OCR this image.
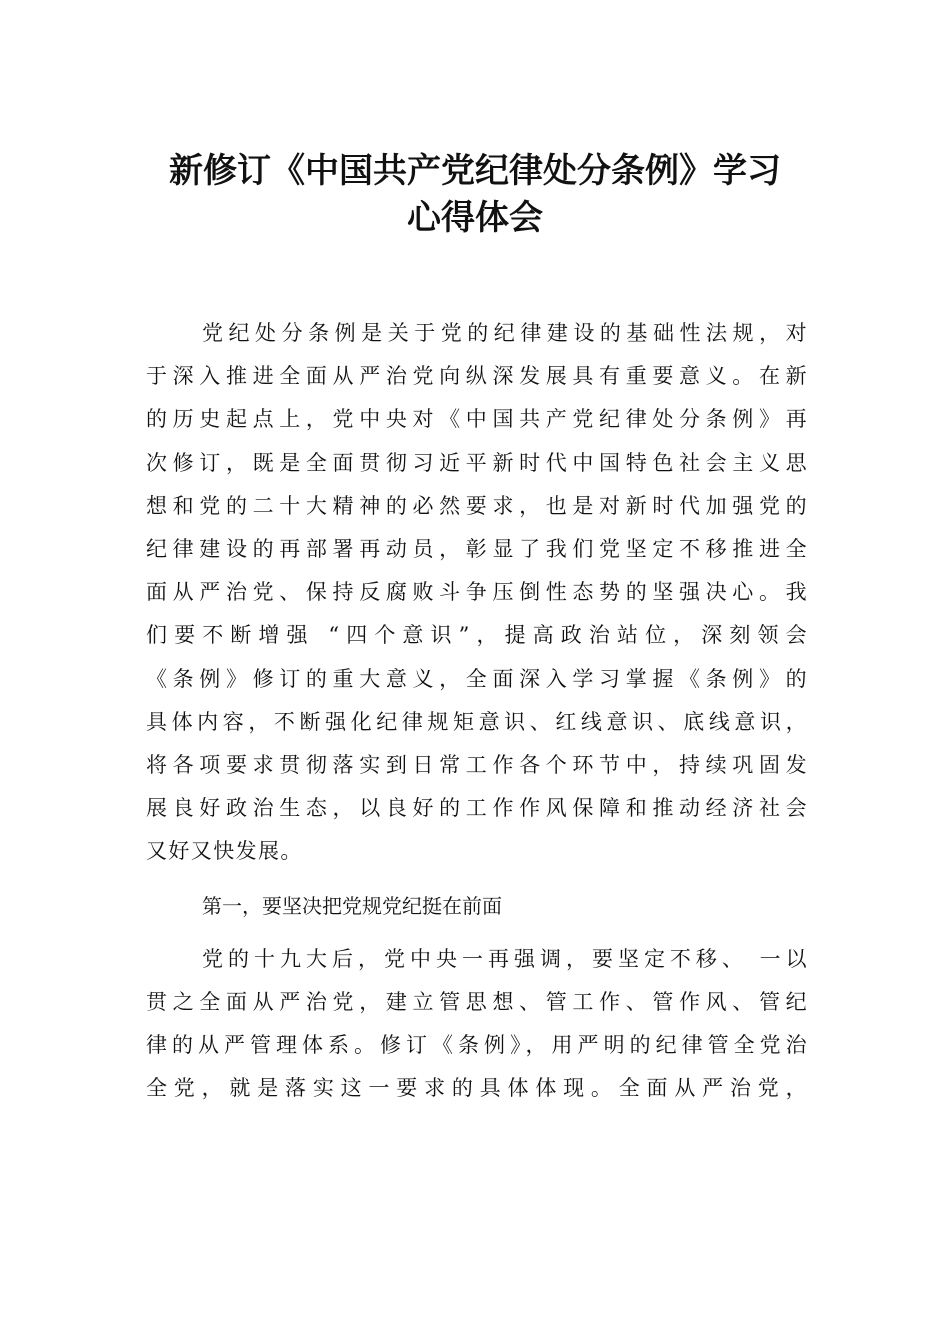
新修订《中国共产党纪律处分条例》学习
心得体会
党纪处分条例是关于党的纪律建设的基础性法规，对
于深入推进全面从严治党向纵深发展具有重要意义。在新
的历史起点上，党中央对《中国共产党纪律处分条例》再
次修订，既是全面贯彻习近平新时代中国特色社会主义思
想和党的二十大精神的必然要求，也是对新时代加强党的
纪律建设的再部署再动员，彰显了我们党坚定不移推进全
面从严治党、保持反腐败斗争压倒性态势的坚强决心。我
们要不断增强 “四个意识”，提高政治站位，深刻领会
《条例》修订的重大意义，全面深入学习掌握《条例》的
具体内容，不断强化纪律规矩意识、红线意识、底线意识，
将各项要求贯彻落实到日常工作各个环节中，持续巩固发
展良好政治生态，以良好的工作作风保障和推动经济社会
又好又快发展。
第一，要坚决把党规党纪挺在前面
党的十九大后，党中央一再强调，要坚定不移、 一以
贯之全面从严治党，建立管思想、管工作、管作风、管纪
律的从严管理体系。修订《条例》，用严明的纪律管全党治
全党，就是落实这一要求的具体体现。全面从严治党，
